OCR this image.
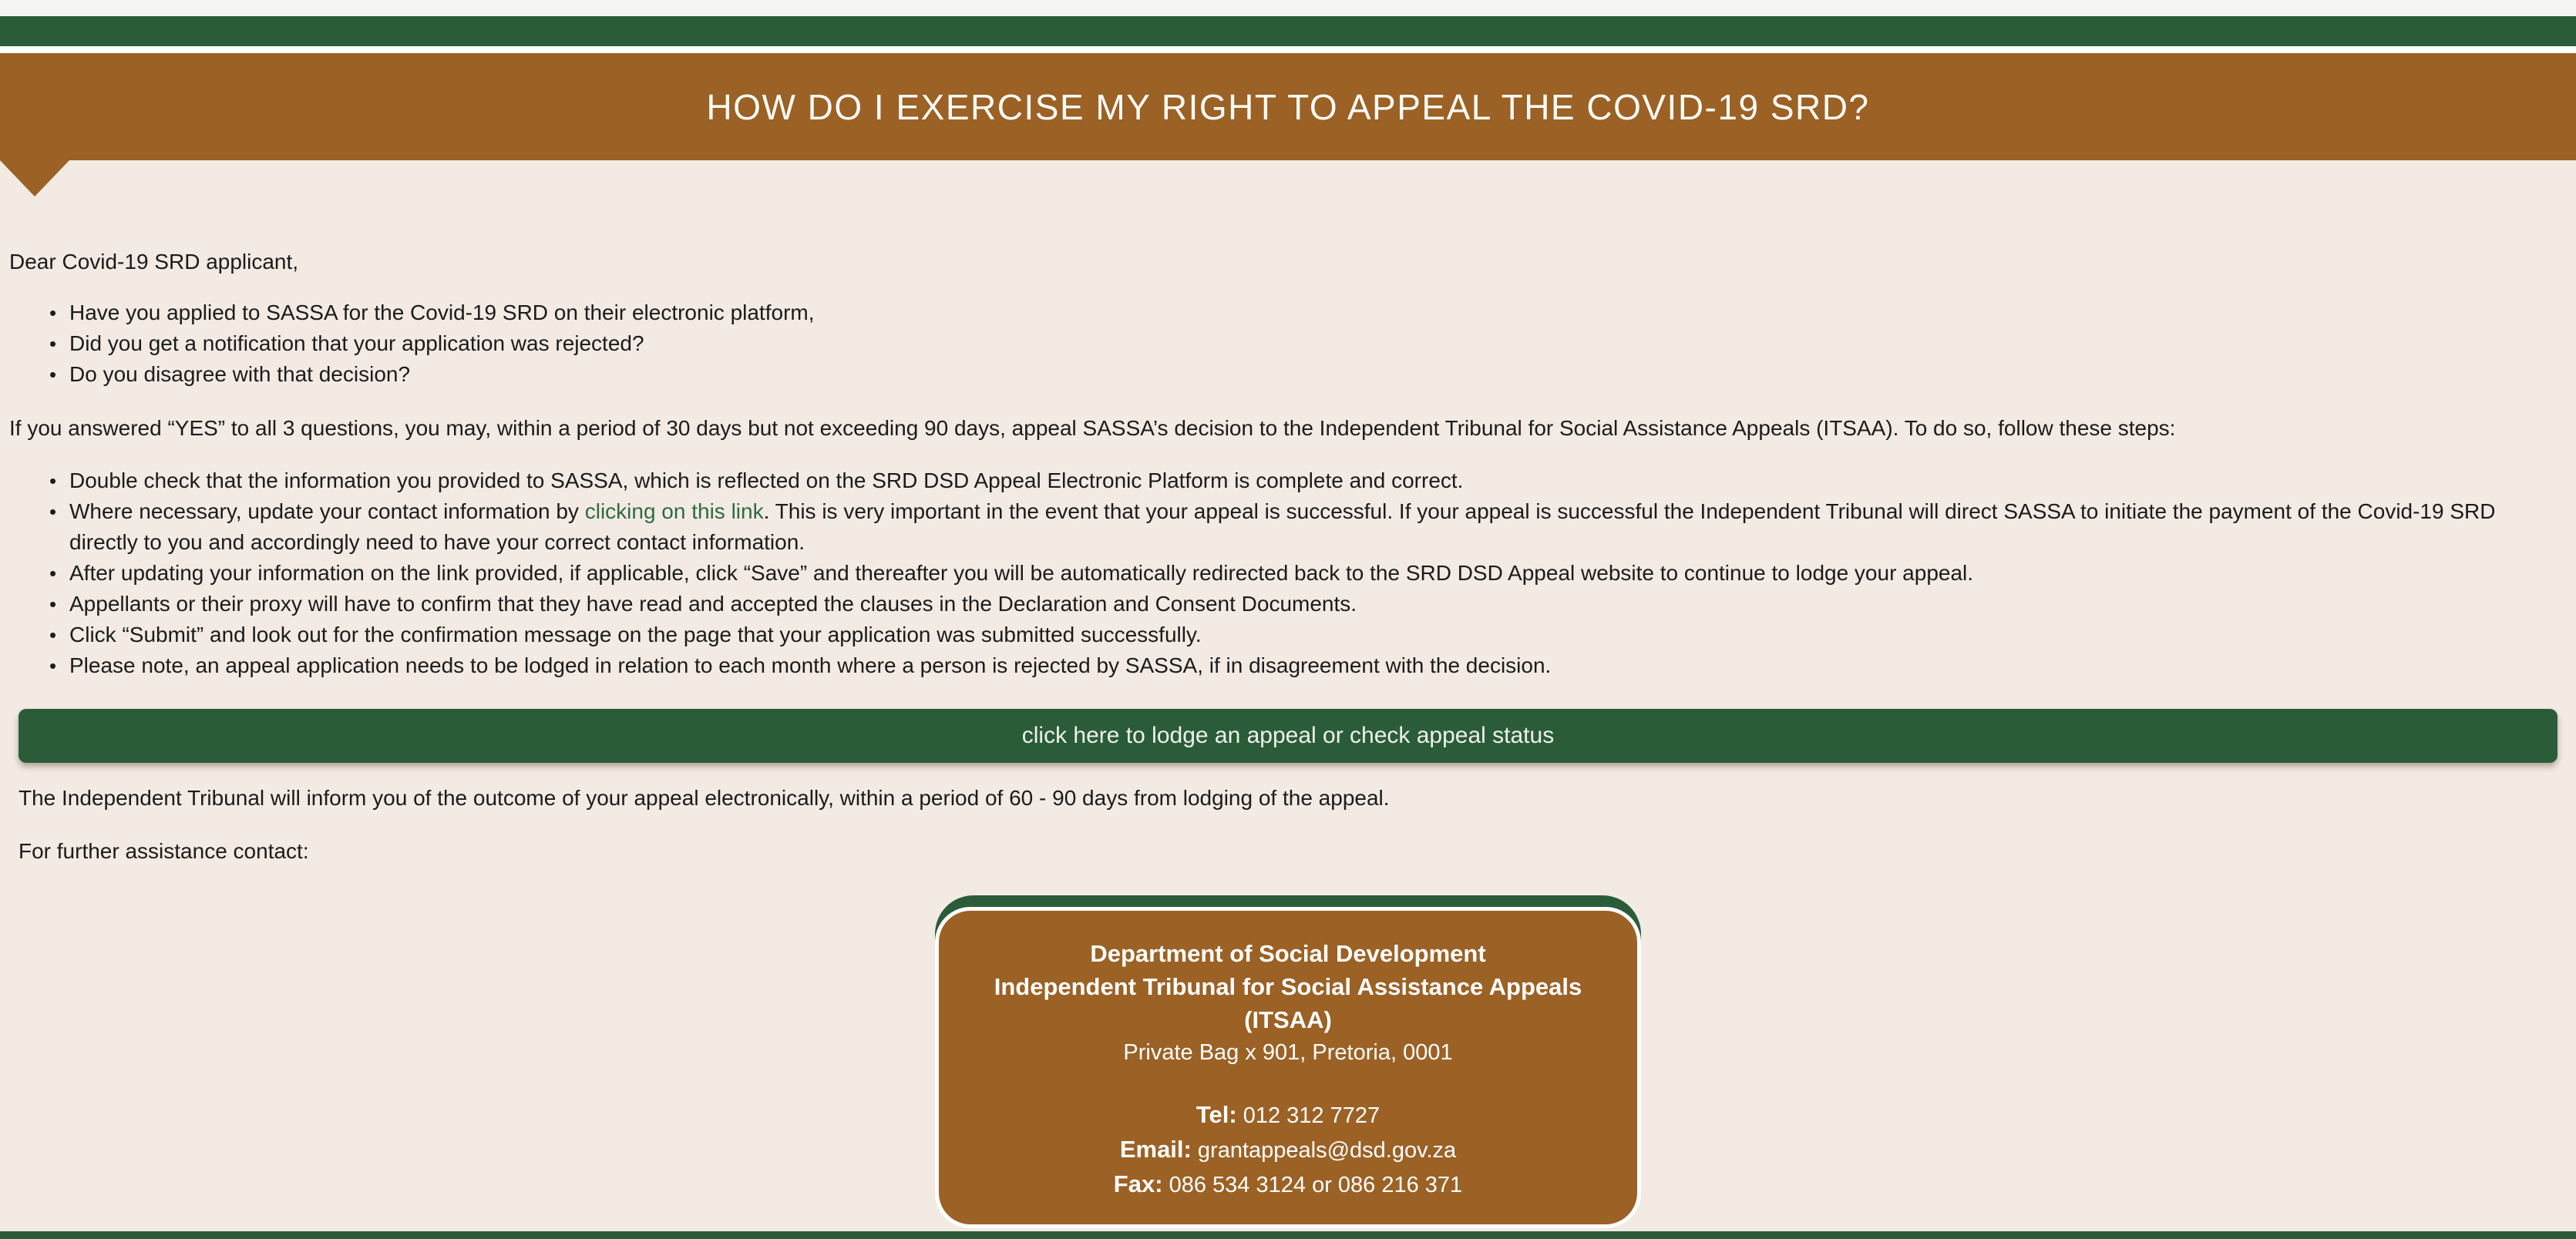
HOW DO I EXERCISE MY RIGHT TO APPEAL THE COVID-19 SRD?

Dear Covid-19 SRD applicant,

• Have you applied to SASSA for the Covid-19 SRD on their electronic platform,
• Did you get a notification that your application was rejected?
• Do you disagree with that decision?

If you answered “YES” to all 3 questions, you may, within a period of 30 days but not exceeding 90 days, appeal SASSA’s decision to the Independent Tribunal for Social Assistance Appeals (ITSAA). To do so, follow these steps:

• Double check that the information you provided to SASSA, which is reflected on the SRD DSD Appeal Electronic Platform is complete and correct.
• Where necessary, update your contact information by clicking on this link. This is very important in the event that your appeal is successful. If your appeal is successful the Independent Tribunal will direct SASSA to initiate the payment of the Covid-19 SRD directly to you and accordingly need to have your correct contact information.
• After updating your information on the link provided, if applicable, click “Save” and thereafter you will be automatically redirected back to the SRD DSD Appeal website to continue to lodge your appeal.
• Appellants or their proxy will have to confirm that they have read and accepted the clauses in the Declaration and Consent Documents.
• Click “Submit” and look out for the confirmation message on the page that your application was submitted successfully.
• Please note, an appeal application needs to be lodged in relation to each month where a person is rejected by SASSA, if in disagreement with the decision.
click here to lodge an appeal or check appeal status

The Independent Tribunal will inform you of the outcome of your appeal electronically, within a period of 60 - 90 days from lodging of the appeal.

For further assistance contact:

Department of Social Development
Independent Tribunal for Social Assistance Appeals (ITSAA)
Private Bag x 901, Pretoria, 0001
Tel: 012 312 7727
Email: grantappeals@dsd.gov.za
Fax: 086 534 3124 or 086 216 371
